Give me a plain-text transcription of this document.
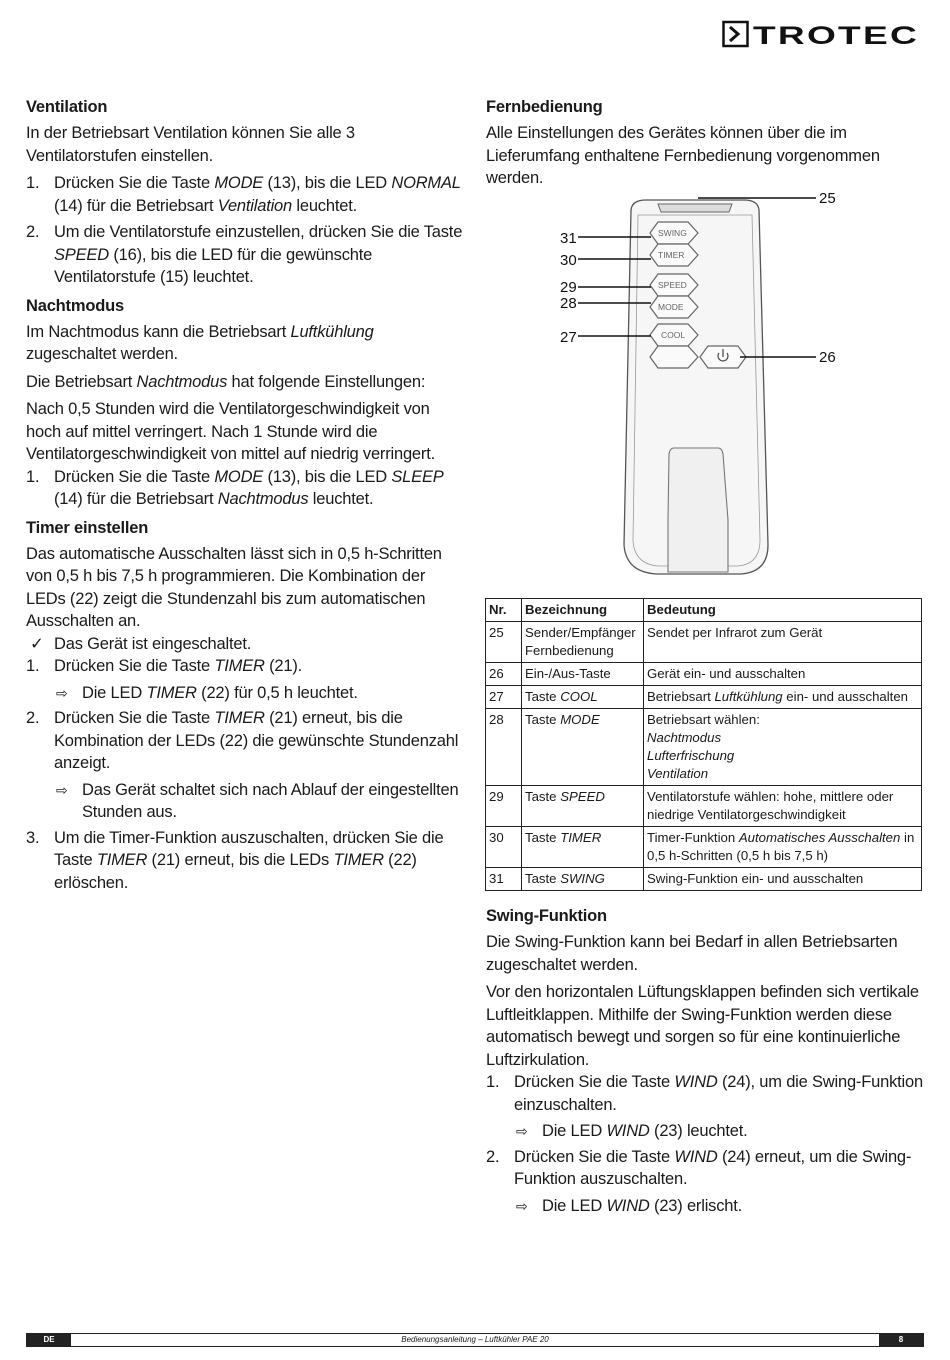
TROTEC
Ventilation

In der Betriebsart Ventilation können Sie alle 3 Ventilatorstufen einstellen.

1. Drücken Sie die Taste MODE (13), bis die LED NORMAL (14) für die Betriebsart Ventilation leuchtet.
2. Um die Ventilatorstufe einzustellen, drücken Sie die Taste SPEED (16), bis die LED für die gewünschte Ventilatorstufe (15) leuchtet.
Nachtmodus

Im Nachtmodus kann die Betriebsart Luftkühlung zugeschaltet werden.

Die Betriebsart Nachtmodus hat folgende Einstellungen:

Nach 0,5 Stunden wird die Ventilatorgeschwindigkeit von hoch auf mittel verringert. Nach 1 Stunde wird die Ventilatorgeschwindigkeit von mittel auf niedrig verringert.

1. Drücken Sie die Taste MODE (13), bis die LED SLEEP (14) für die Betriebsart Nachtmodus leuchtet.
Timer einstellen

Das automatische Ausschalten lässt sich in 0,5 h-Schritten von 0,5 h bis 7,5 h programmieren. Die Kombination der LEDs (22) zeigt die Stundenzahl bis zum automatischen Ausschalten an.

✓ Das Gerät ist eingeschaltet.
1. Drücken Sie die Taste TIMER (21).
⇨ Die LED TIMER (22) für 0,5 h leuchtet.
2. Drücken Sie die Taste TIMER (21) erneut, bis die Kombination der LEDs (22) die gewünschte Stundenzahl anzeigt.
⇨ Das Gerät schaltet sich nach Ablauf der eingestellten Stunden aus.
3. Um die Timer-Funktion auszuschalten, drücken Sie die Taste TIMER (21) erneut, bis die LEDs TIMER (22) erlöschen.
Fernbedienung

Alle Einstellungen des Gerätes können über die im Lieferumfang enthaltene Fernbedienung vorgenommen werden.

SWING
TIMER
SPEED
MODE
COOL
25
31
30
29
28
27
26
Nr.	Bezeichnung	Bedeutung
25	Sender/Empfänger Fernbedienung	Sendet per Infrarot zum Gerät
26	Ein-/Aus-Taste	Gerät ein- und ausschalten
27	Taste COOL	Betriebsart Luftkühlung ein- und ausschalten
28	Taste MODE	Betriebsart wählen:
Nachtmodus
Lufterfrischung
Ventilation
29	Taste SPEED	Ventilatorstufe wählen: hohe, mittlere oder niedrige Ventilatorgeschwindigkeit
30	Taste TIMER	Timer-Funktion Automatisches Ausschalten in 0,5 h-Schritten (0,5 h bis 7,5 h)
31	Taste SWING	Swing-Funktion ein- und ausschalten
Swing-Funktion

Die Swing-Funktion kann bei Bedarf in allen Betriebsarten zugeschaltet werden.

Vor den horizontalen Lüftungsklappen befinden sich vertikale Luftleitklappen. Mithilfe der Swing-Funktion werden diese automatisch bewegt und sorgen so für eine kontinuierliche Luftzirkulation.

1. Drücken Sie die Taste WIND (24), um die Swing-Funktion einzuschalten.
⇨ Die LED WIND (23) leuchtet.
2. Drücken Sie die Taste WIND (24) erneut, um die Swing-Funktion auszuschalten.
⇨ Die LED WIND (23) erlischt.
Bedienungsanleitung – Luftkühler PAE 20
DE	8
